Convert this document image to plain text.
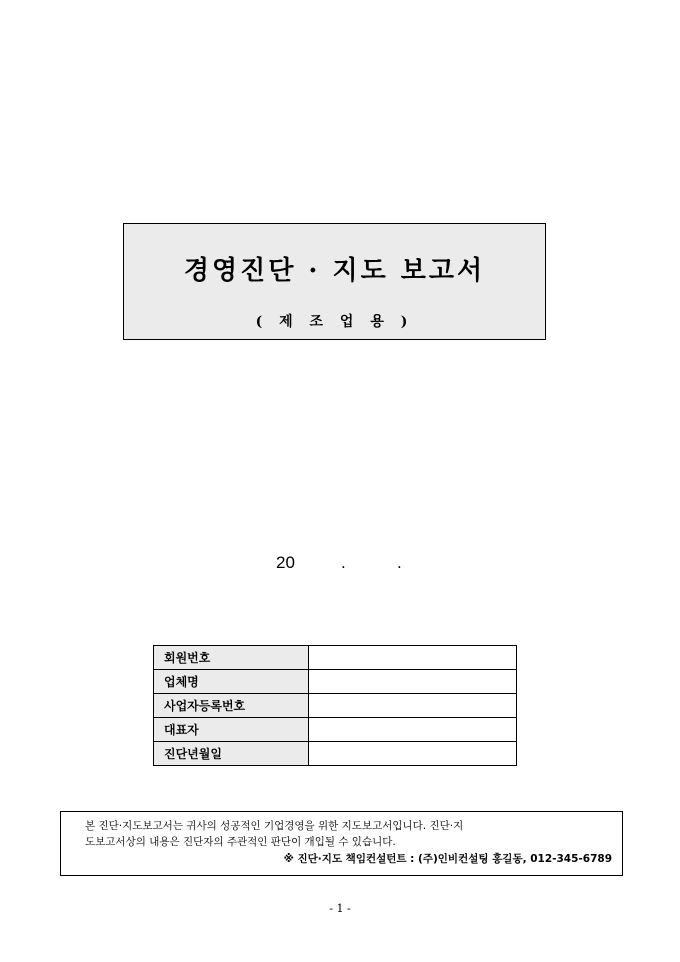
경영진단 · 지도 보고서
( 제 조 업 용 )
20	.	.
회원번호	
업체명	
사업자등록번호	
대표자	
진단년월일	
본 진단·지도보고서는 귀사의 성공적인 기업경영을 위한 지도보고서입니다. 진단·지
도보고서상의 내용은 진단자의 주관적인 판단이 개입될 수 있습니다.
※ 진단·지도 책임컨설턴트 : (주)인비컨설팅 홍길동, 012-345-6789
- 1 -
